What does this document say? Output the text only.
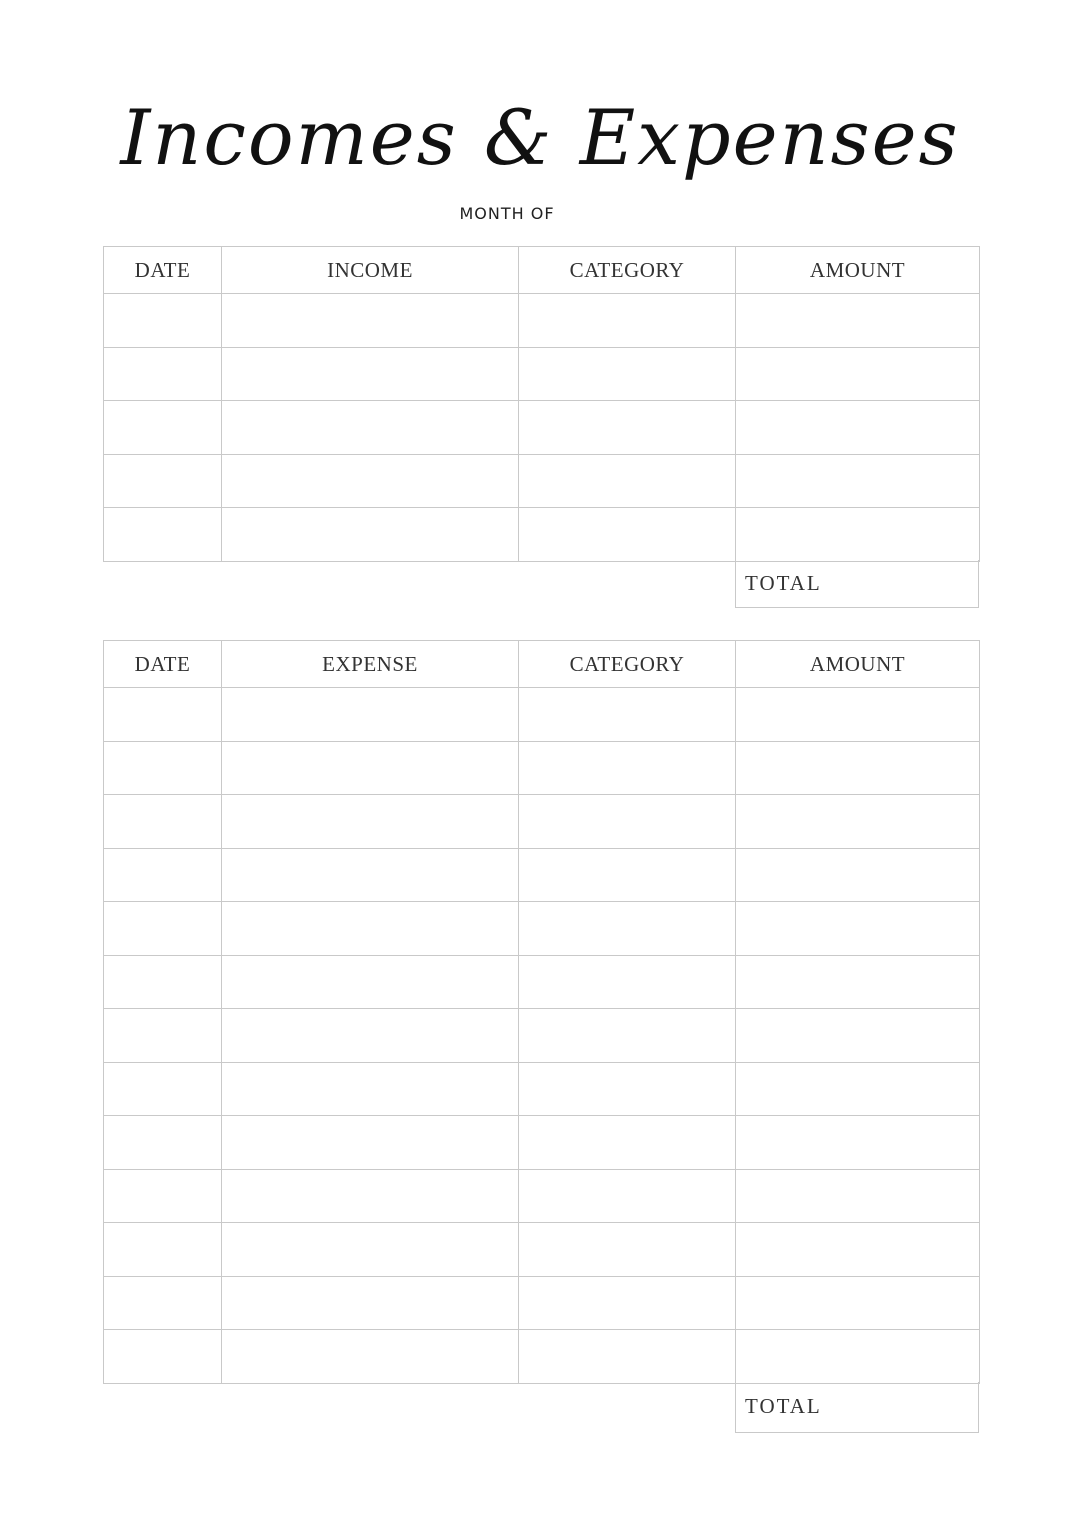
Incomes & Expenses
MONTH OF
DATE	INCOME	CATEGORY	AMOUNT

TOTAL
DATE	EXPENSE	CATEGORY	AMOUNT

TOTAL
